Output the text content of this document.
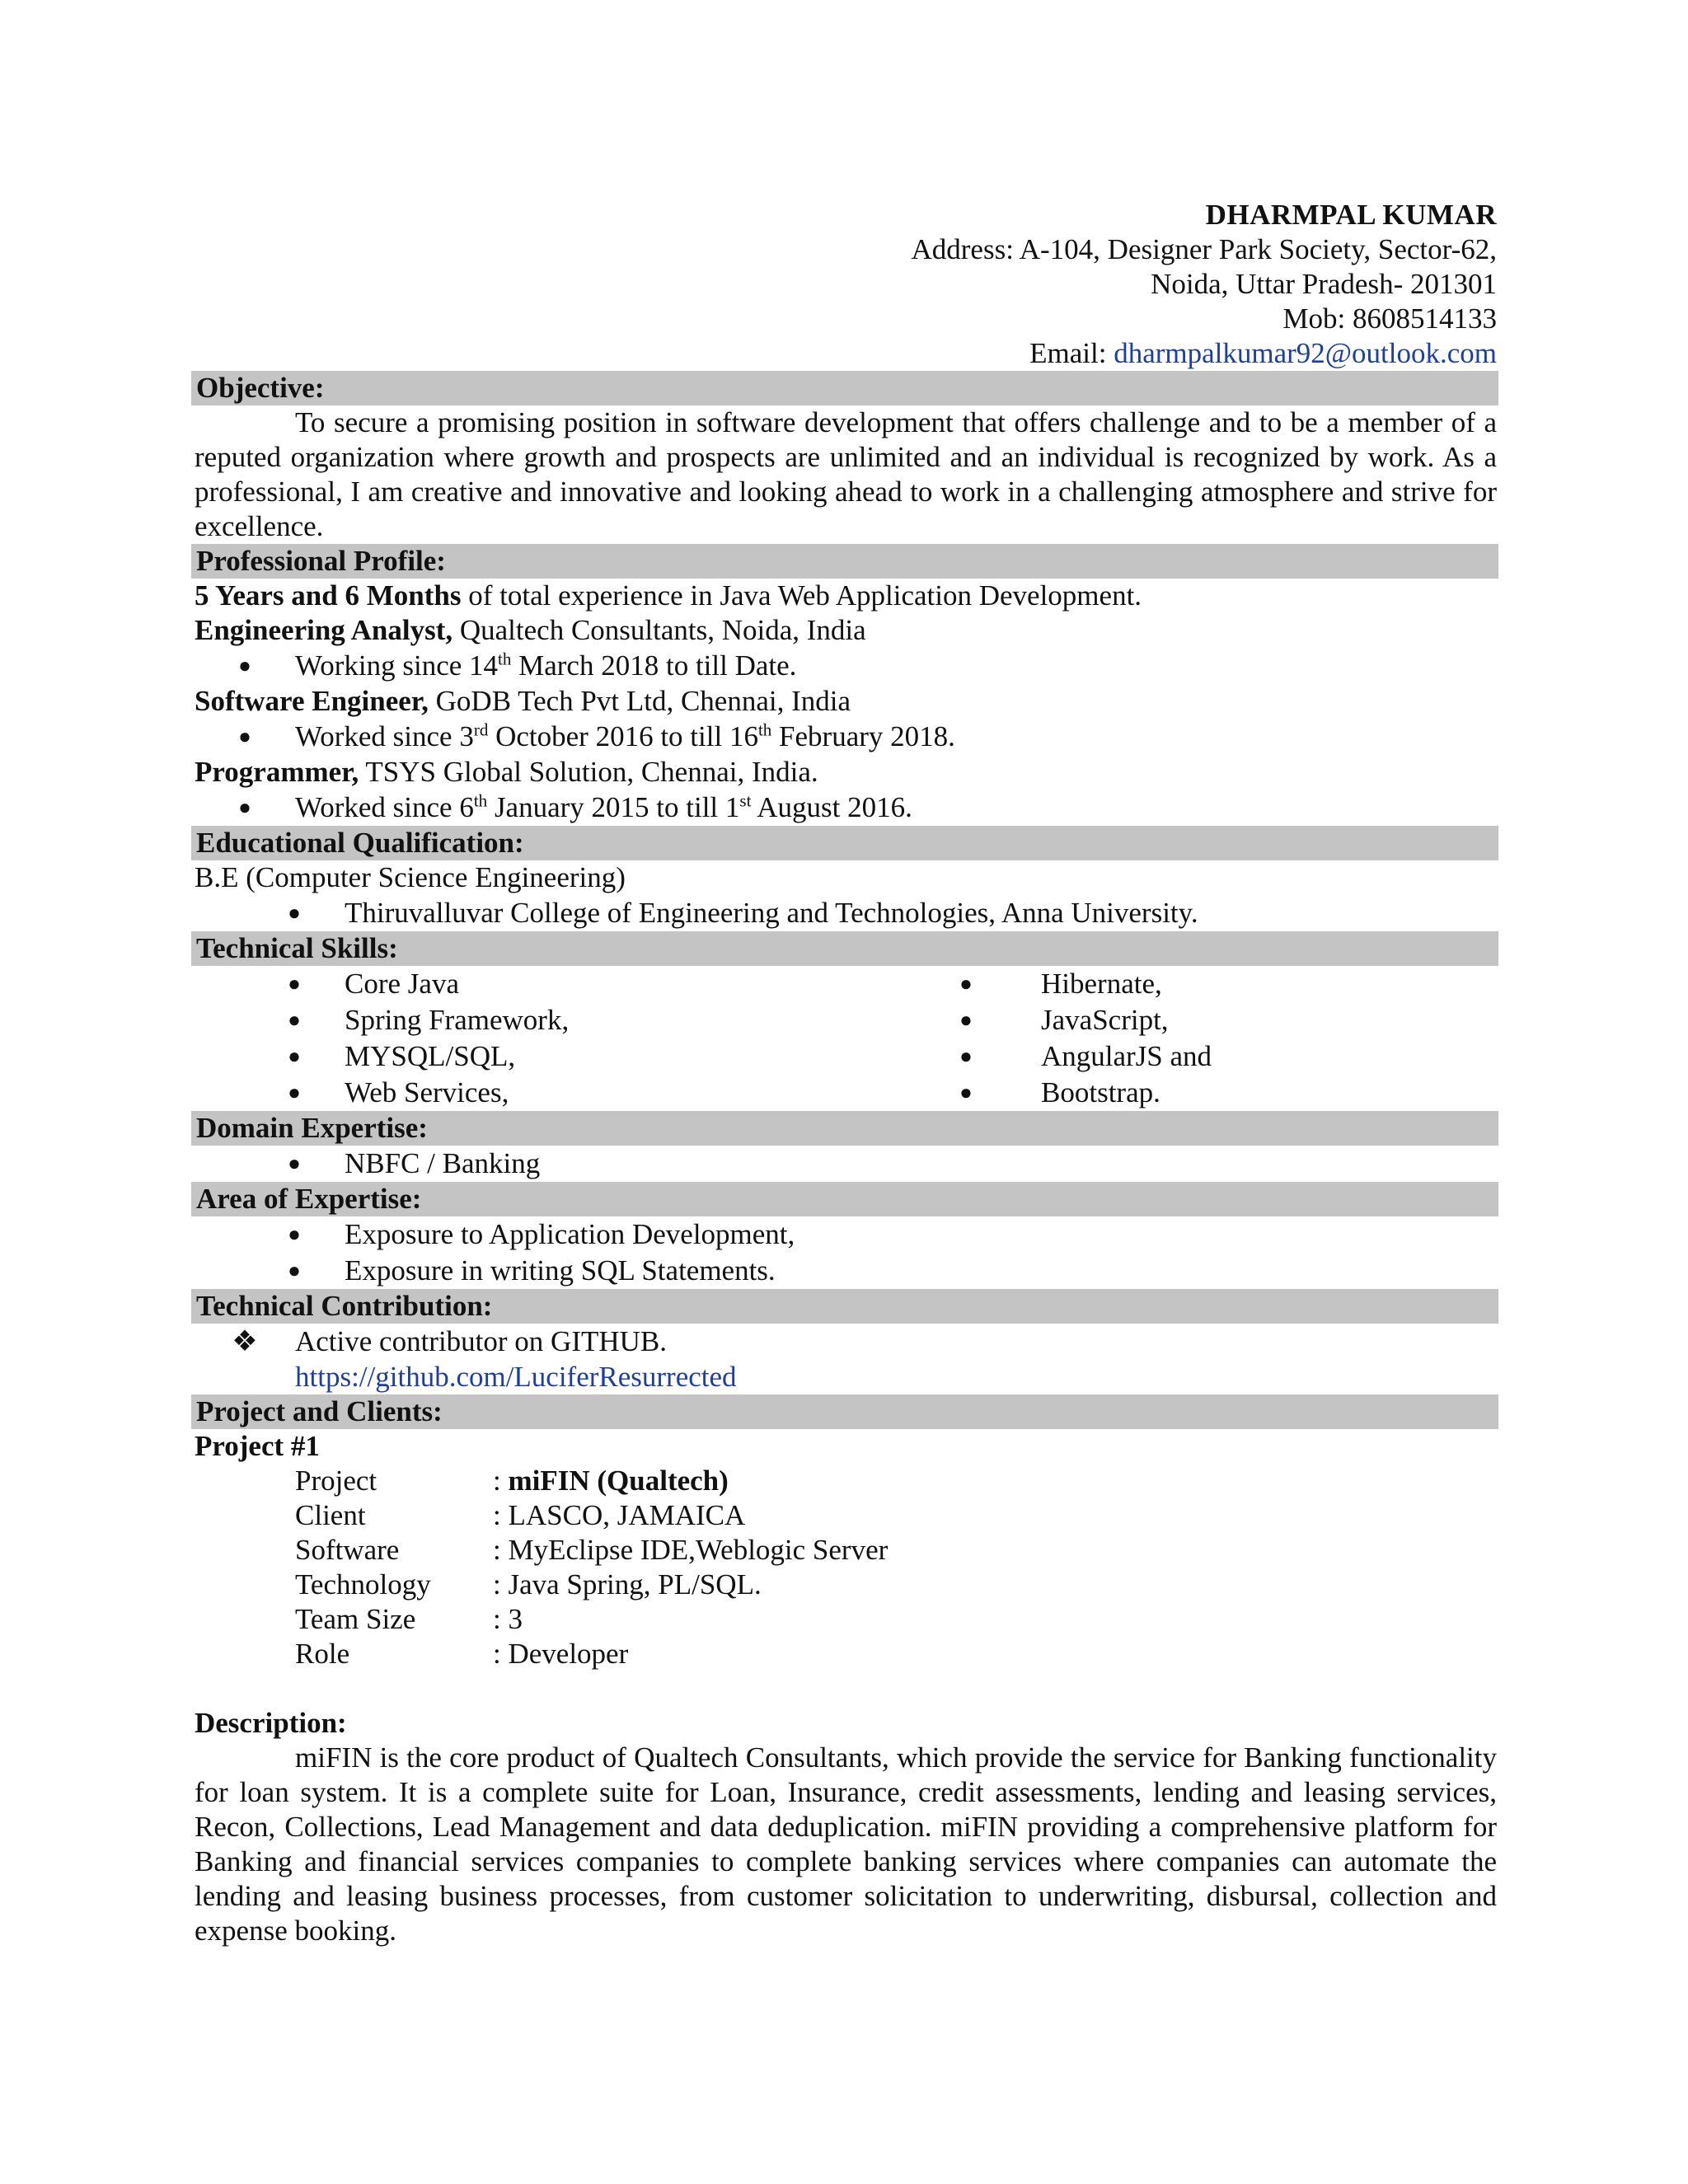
DHARMPAL KUMAR
Address: A-104, Designer Park Society, Sector-62,
Noida, Uttar Pradesh- 201301
Mob: 8608514133
Email: dharmpalkumar92@outlook.com
Objective:
To secure a promising position in software development that offers challenge and to be a member of a reputed organization where growth and prospects are unlimited and an individual is recognized by work. As a professional, I am creative and innovative and looking ahead to work in a challenging atmosphere and strive for excellence.
Professional Profile:
5 Years and 6 Months of total experience in Java Web Application Development.
Engineering Analyst, Qualtech Consultants, Noida, India
●	Working since 14th March 2018 to till Date.
Software Engineer, GoDB Tech Pvt Ltd, Chennai, India
●	Worked since 3rd October 2016 to till 16th February 2018.
Programmer, TSYS Global Solution, Chennai, India.
●	Worked since 6th January 2015 to till 1st August 2016.
Educational Qualification:
B.E (Computer Science Engineering)
●	Thiruvalluvar College of Engineering and Technologies, Anna University.
Technical Skills:
●	Core Java
●	Spring Framework,
●	MYSQL/SQL,
●	Web Services,
●	Hibernate,
●	JavaScript,
●	AngularJS and
●	Bootstrap.
Domain Expertise:
●	NBFC / Banking
Area of Expertise:
●	Exposure to Application Development,
●	Exposure in writing SQL Statements.
Technical Contribution:
❖	Active contributor on GITHUB.
https://github.com/LuciferResurrected
Project and Clients:
Project #1
Project	: miFIN (Qualtech)
Client	: LASCO, JAMAICA
Software	: MyEclipse IDE,Weblogic Server
Technology	: Java Spring, PL/SQL.
Team Size	: 3
Role	: Developer
Description:
miFIN is the core product of Qualtech Consultants, which provide the service for Banking functionality for loan system. It is a complete suite for Loan, Insurance, credit assessments, lending and leasing services, Recon, Collections, Lead Management and data deduplication. miFIN providing a comprehensive platform for Banking and financial services companies to complete banking services where companies can automate the lending and leasing business processes, from customer solicitation to underwriting, disbursal, collection and expense booking.
